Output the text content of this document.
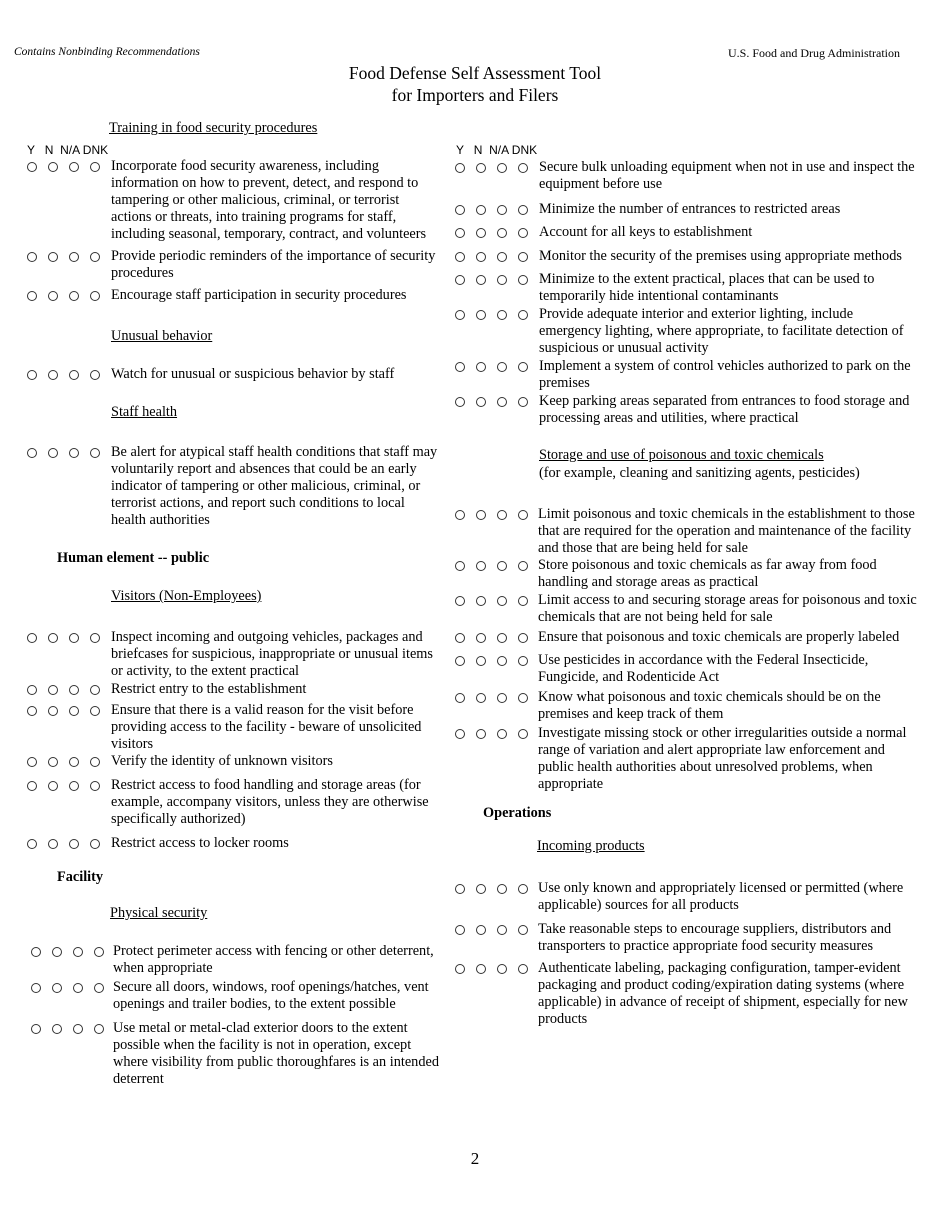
Contains Nonbinding Recommendations	U.S. Food and Drug Administration
Food Defense Self Assessment Tool
for Importers and Filers
Training in food security procedures
Y   N  N/A DNK
Incorporate food security awareness, including information on how to prevent, detect, and respond to tampering or other malicious, criminal, or terrorist actions or threats, into training programs for staff, including seasonal, temporary, contract, and volunteers
Provide periodic reminders of the importance of security procedures
Encourage staff participation in security procedures
Watch for unusual or suspicious behavior by staff
Be alert for atypical staff health conditions that staff may voluntarily report and absences that could be an early indicator of tampering or other malicious, criminal, or terrorist actions, and report such conditions to local health authorities
Inspect incoming and outgoing vehicles, packages and briefcases for suspicious, inappropriate or unusual items or activity, to the extent practical
Restrict entry to the establishment
Ensure that there is a valid reason for the visit before providing access to the facility - beware of unsolicited visitors
Verify the identity of unknown visitors
Restrict access to food handling and storage areas (for example, accompany visitors, unless they are otherwise specifically authorized)
Restrict access to locker rooms
Protect perimeter access with fencing or other deterrent, when appropriate
Secure all doors, windows, roof openings/hatches, vent openings and trailer bodies, to the extent possible
Use metal or metal-clad exterior doors to the extent possible when the facility is not in operation, except where visibility from public thoroughfares is an intended deterrent
Secure bulk unloading equipment when not in use and inspect the equipment before use
Minimize the number of entrances to restricted areas
Account for all keys to establishment
Monitor the security of the premises using appropriate methods
Minimize to the extent practical, places that can be used to temporarily hide intentional contaminants
Provide adequate interior and exterior lighting, include emergency lighting, where appropriate, to facilitate detection of suspicious or unusual activity
Implement a system of control vehicles authorized to park on the premises
Keep parking areas separated from entrances to food storage and processing areas and utilities, where practical
Limit poisonous and toxic chemicals in the establishment to those that are required for the operation and maintenance of the facility and those that are being held for sale
Store poisonous and toxic chemicals as far away from food handling and storage areas as practical
Limit access to and securing storage areas for poisonous and toxic chemicals that are not being held for sale
Ensure that poisonous and toxic chemicals are properly labeled
Use pesticides in accordance with the Federal Insecticide, Fungicide, and Rodenticide Act
Know what poisonous and toxic chemicals should be on the premises and keep track of them
Investigate missing stock or other irregularities outside a normal range of variation and alert appropriate law enforcement and public health authorities about unresolved problems, when appropriate
Use only known and appropriately licensed or permitted (where applicable) sources for all products
Take reasonable steps to encourage suppliers, distributors and transporters to practice appropriate food security measures
Authenticate labeling, packaging configuration, tamper-evident packaging and product coding/expiration dating systems (where applicable) in advance of receipt of shipment, especially for new products
Unusual behavior
Staff health
Human element -- public
Visitors (Non-Employees)
Facility
Physical security
Y   N  N/A DNK
Storage and use of poisonous and toxic chemicals
(for example, cleaning and sanitizing agents, pesticides)
Operations
Incoming products
2
